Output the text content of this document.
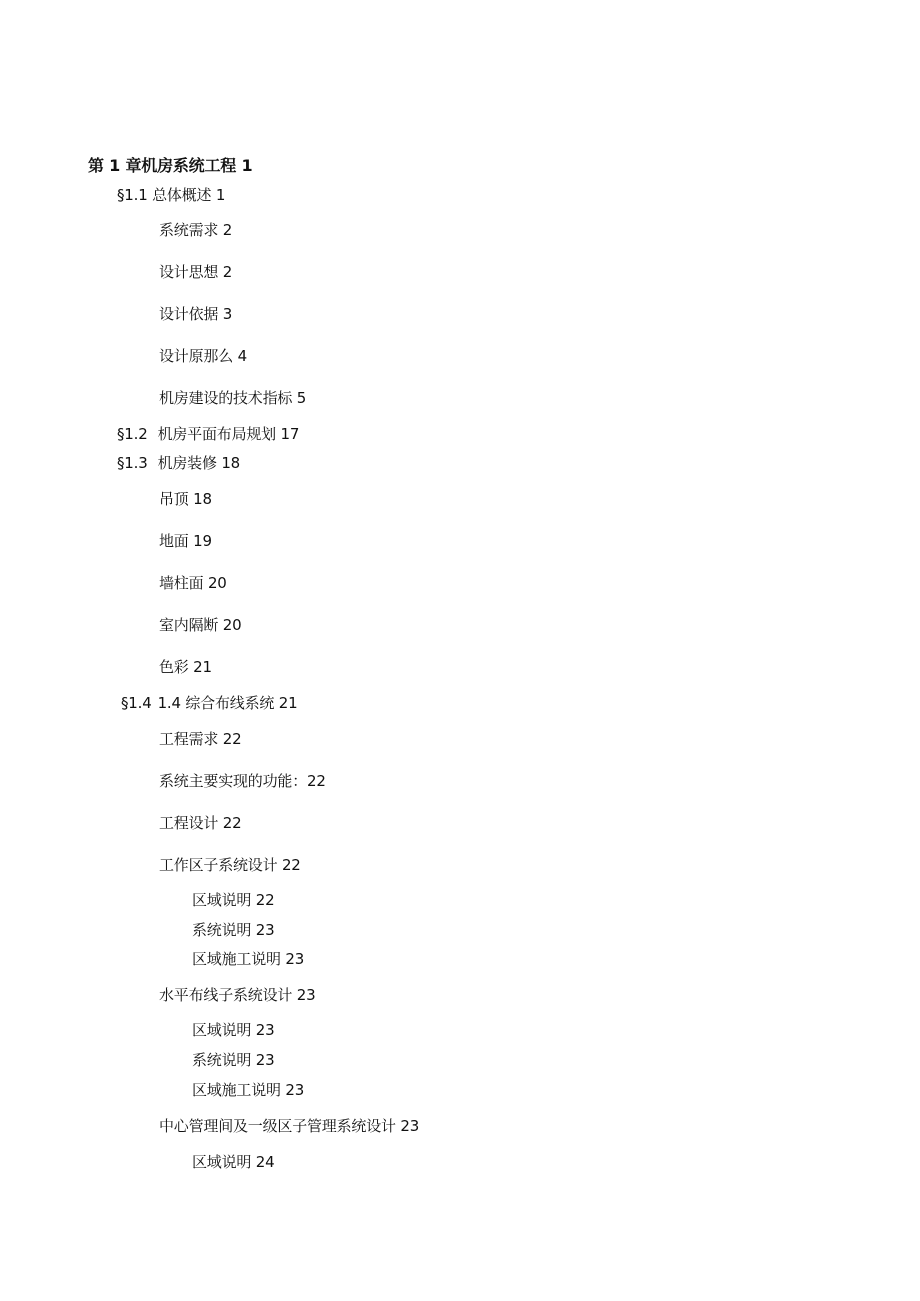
第 1 章机房系统工程 1
§1.1 总体概述 1
系统需求 2
设计思想 2
设计依据 3
设计原那么 4
机房建设的技术指标 5
§1.2 机房平面布局规划 17
§1.3 机房装修 18
吊顶 18
地面 19
墙柱面 20
室内隔断 20
色彩 21
§1.4 1.4 综合布线系统 21
工程需求 22
系统主要实现的功能：22
工程设计 22
工作区子系统设计 22
区域说明 22
系统说明 23
区域施工说明 23
水平布线子系统设计 23
区域说明 23
系统说明 23
区域施工说明 23
中心管理间及一级区子管理系统设计 23
区域说明 24
